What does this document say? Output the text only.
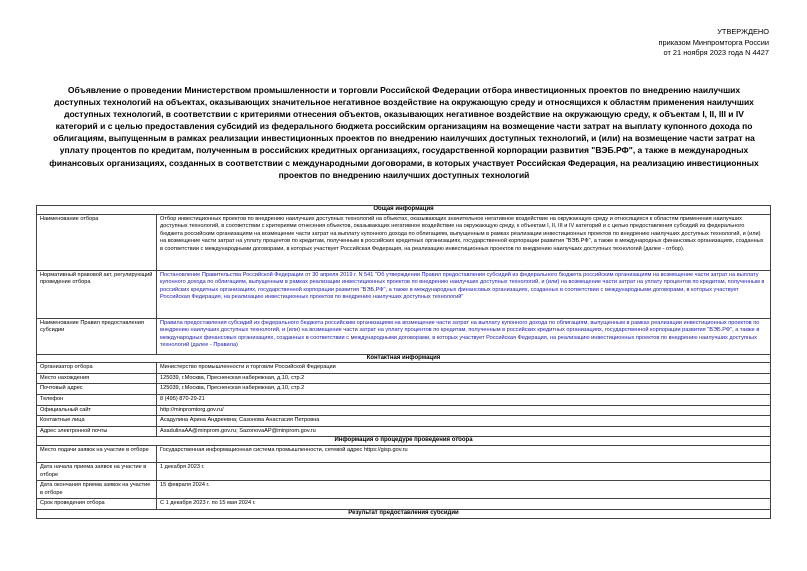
УТВЕРЖДЕНО
приказом Минпромторга России
от 21 ноября 2023 года N 4427
Объявление о проведении Министерством промышленности и торговли Российской Федерации отбора инвестиционных проектов по внедрению наилучших доступных технологий на объектах, оказывающих значительное негативное воздействие на окружающую среду и относящихся к областям применения наилучших доступных технологий, в соответствии с критериями отнесения объектов, оказывающих негативное воздействие на окружающую среду, к объектам I, II, III и IV категорий и с целью предоставления субсидий из федерального бюджета российским организациям на возмещение части затрат на выплату купонного дохода по облигациям, выпущенным в рамках реализации инвестиционных проектов по внедрению наилучших доступных технологий, и (или) на возмещение части затрат на уплату процентов по кредитам, полученным в российских кредитных организациях, государственной корпорации развития "ВЭБ.РФ", а также в международных финансовых организациях, созданных в соответствии с международными договорами, в которых участвует Российская Федерация, на реализацию инвестиционных проектов по внедрению наилучших доступных технологий
Общая информация	
Наименование отбора	Отбор инвестиционных проектов по внедрению наилучших доступных технологий на объектах, оказывающих значительное негативное воздействие на окружающую среду и относящихся к областям применения наилучших доступных технологий, в соответствии с критериями отнесения объектов, оказывающих негативное воздействие на окружающую среду, к объектам I, II, III и IV категорий и с целью предоставления субсидий из федерального бюджета российским организациям на возмещение части затрат на выплату купонного дохода по облигациям, выпущенным в рамках реализации инвестиционных проектов по внедрению наилучших доступных технологий, и (или) на возмещение части затрат на уплату процентов по кредитам, полученным в российских кредитных организациях, государственной корпорации развития "ВЭБ.РФ", а также в международных финансовых организациях, созданных в соответствии с международными договорами, в которых участвует Российская Федерация, на реализацию инвестиционных проектов по внедрению наилучших доступных технологий (далее - отбор).
Нормативный правовой акт, регулирующий проведение отбора	Постановление Правительства Российской Федерации от 30 апреля 2019 г. N 541 "Об утверждении Правил предоставления субсидий из федерального бюджета российским организациям на возмещение части затрат на выплату купонного дохода по облигациям, выпущенным в рамках реализации инвестиционных проектов по внедрению наилучших доступных технологий, и (или) на возмещение части затрат на уплату процентов по кредитам, полученным в российских кредитных организациях, государственной корпорации развития "ВЭБ.РФ", а также в международных финансовых организациях, созданных в соответствии с международными договорами, в которых участвует Российская Федерация, на реализацию инвестиционных проектов по внедрению наилучших доступных технологий"
Наименование Правил предоставления субсидии	Правила предоставления субсидий из федерального бюджета российским организациям на возмещение части затрат на выплату купонного дохода по облигациям, выпущенным в рамках реализации инвестиционных проектов по внедрению наилучших доступных технологий, и (или) на возмещение части затрат на уплату процентов по кредитам, полученным в российских кредитных организациях, государственной корпорации развития "ВЭБ.РФ", а также в международных финансовых организациях, созданных в соответствии с международными договорами, в которых участвует Российская Федерация, на реализацию инвестиционных проектов по внедрению наилучших доступных технологий (далее - Правила)
Контактная информация	
Организатор отбора	Министерство промышленности и торговли Российской Федерации
Место нахождения	125039, г.Москва, Пресненская набережная, д.10, стр.2
Почтовый адрес	125039, г.Москва, Пресненская набережная, д.10, стр.2
Телефон	8 (495) 870-29-21
Официальный сайт	http://minpromtorg.gov.ru/
Контактные лица	Асадулина Арина Андреевна; Сазонова Анастасия Петровна
Адрес электронной почты	AsadulinaAA@minprom.gov.ru; SazonovaAP@minprom.gov.ru
Информация о процедуре проведения отбора	
Место подачи заявок на участие в отборе	Государственная информационная система промышленности, сетевой адрес https://gisp.gov.ru
Дата начала приема заявок на участие в отборе	1 декабря 2023 г.
Дата окончания приема заявок на участие в отборе	15 февраля 2024 г.
Срок проведения отбора	С 1 декабря 2023 г. по 15 мая 2024 г.
Результат предоставления субсидии	
